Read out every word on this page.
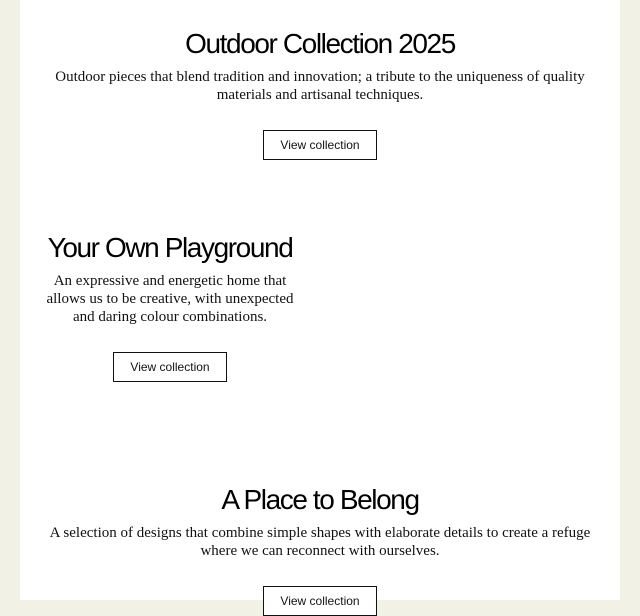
Outdoor Collection 2025

Outdoor pieces that blend tradition and innovation; a tribute to the uniqueness of quality materials and artisanal techniques.

View collection
Your Own Playground

An expressive and energetic home that allows us to be creative, with unexpected and daring colour combinations.

View collection
A Place to Belong

A selection of designs that combine simple shapes with elaborate details to create a refuge where we can reconnect with ourselves.

View collection
